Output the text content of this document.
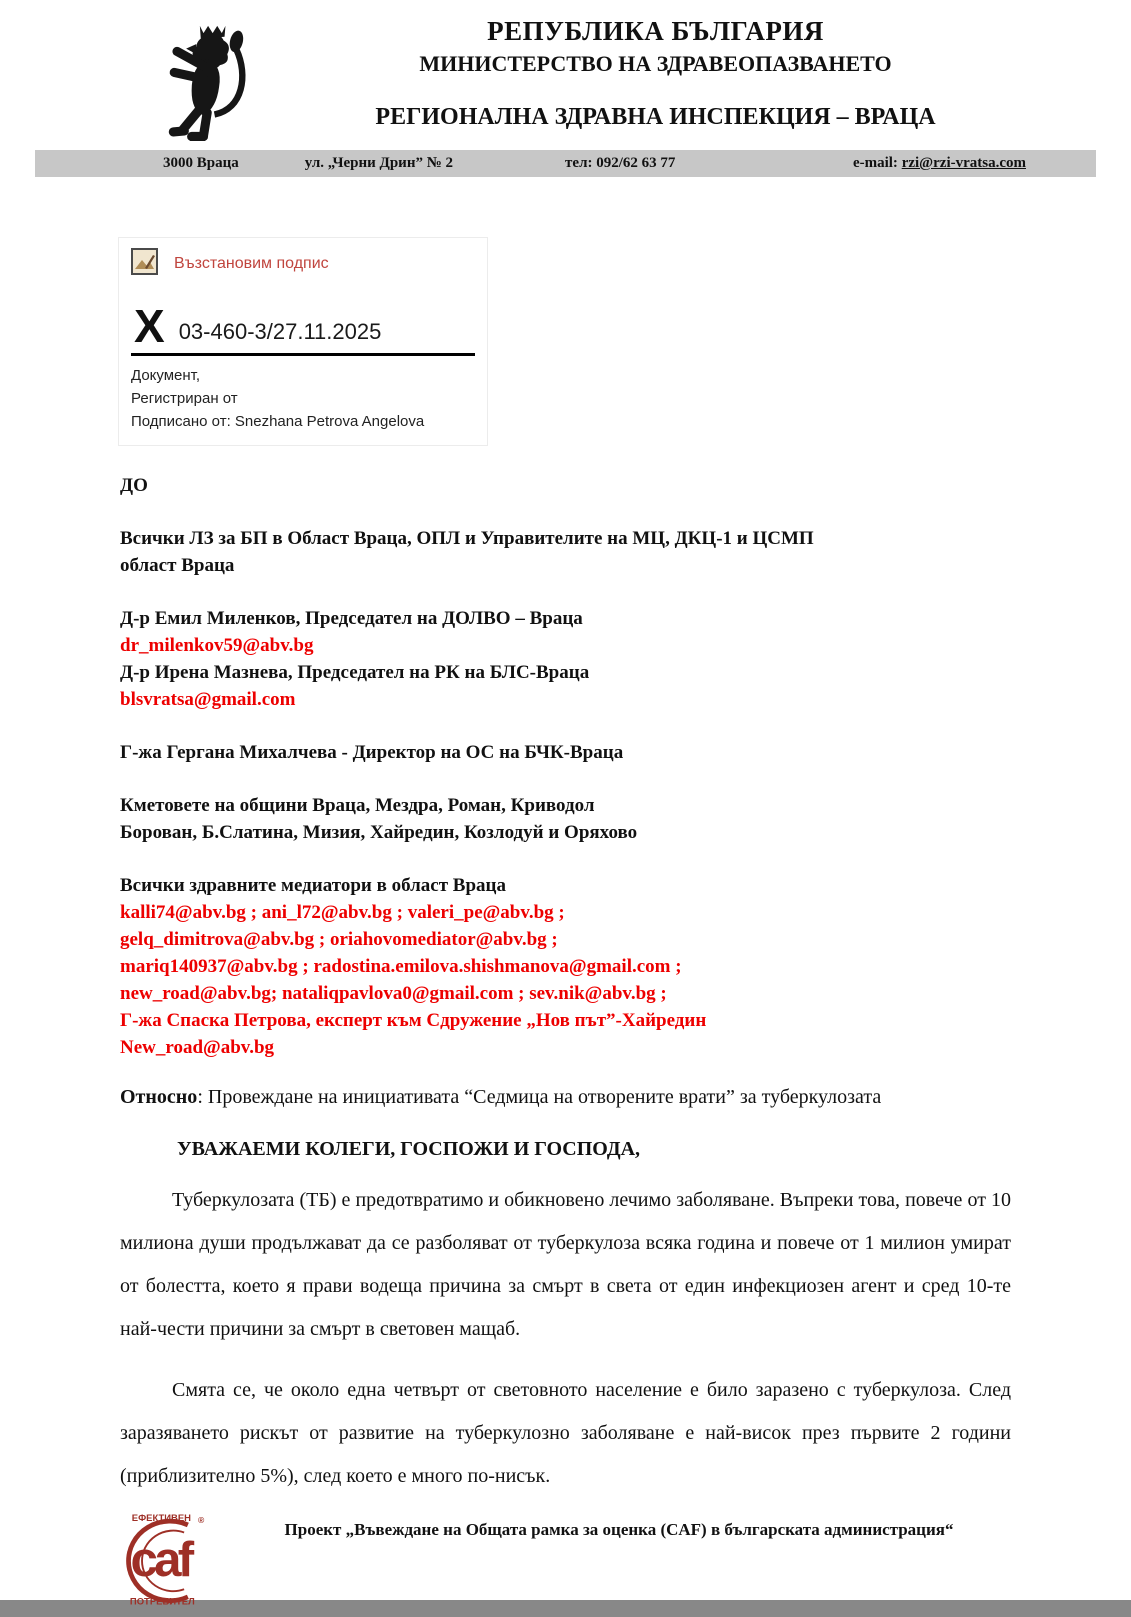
РЕПУБЛИКА БЪЛГАРИЯ
МИНИСТЕРСТВО НА ЗДРАВЕОПАЗВАНЕТО
РЕГИОНАЛНА ЗДРАВНА ИНСПЕКЦИЯ – ВРАЦА
3000 Враца	ул. „Черни Дрин” № 2	тел: 092/62 63 77	e-mail: rzi@rzi-vratsa.com
Възстановим подпис
X 03-460-3/27.11.2025
Документ,
Регистриран от
Подписано от: Snezhana Petrova Angelova
ДО
Всички ЛЗ за БП в Област Враца, ОПЛ и Управителите на МЦ, ДКЦ-1 и ЦСМП
област Враца
Д-р Емил Миленков, Председател на ДОЛВО – Враца
dr_milenkov59@abv.bg
Д-р Ирена Мазнева, Председател на РК на БЛС-Враца
blsvratsa@gmail.com
Г-жа Гергана Михалчева - Директор на ОС на БЧК-Враца
Кметовете на общини Враца, Мездра, Роман, Криводол
Борован, Б.Слатина, Мизия, Хайредин, Козлодуй и Оряхово
Всички здравните медиатори в област Враца
kalli74@abv.bg ; ani_l72@abv.bg ; valeri_pe@abv.bg ;
gelq_dimitrova@abv.bg ; oriahovomediator@abv.bg ;
mariq140937@abv.bg ; radostina.emilova.shishmanova@gmail.com ;
new_road@abv.bg; nataliqpavlova0@gmail.com ; sev.nik@abv.bg ;
Г-жа Спаска Петрова, експерт към Сдружение „Нов път”-Хайредин
New_road@abv.bg
Относно: Провеждане на инициативата “Седмица на отворените врати” за туберкулозата
УВАЖАЕМИ КОЛЕГИ, ГОСПОЖИ И ГОСПОДА,
Туберкулозата (ТБ) е предотвратимо и обикновено лечимо заболяване. Въпреки това, повече от 10 милиона души продължават да се разболяват от туберкулоза всяка година и повече от 1 милион умират от болестта, което я прави водеща причина за смърт в света от един инфекциозен агент и сред 10-те най-чести причини за смърт в световен мащаб.
Смята се, че около една четвърт от световното население е било заразено с туберкулоза. След заразяването рискът от развитие на туберкулозно заболяване е най-висок през първите 2 години (приблизително 5%), след което е много по-нисък.
ЕФЕКТИВЕН ®
caf
ПОТРЕБИТЕЛ
Проект „Въвеждане на Общата рамка за оценка (CAF) в българската администрация“
